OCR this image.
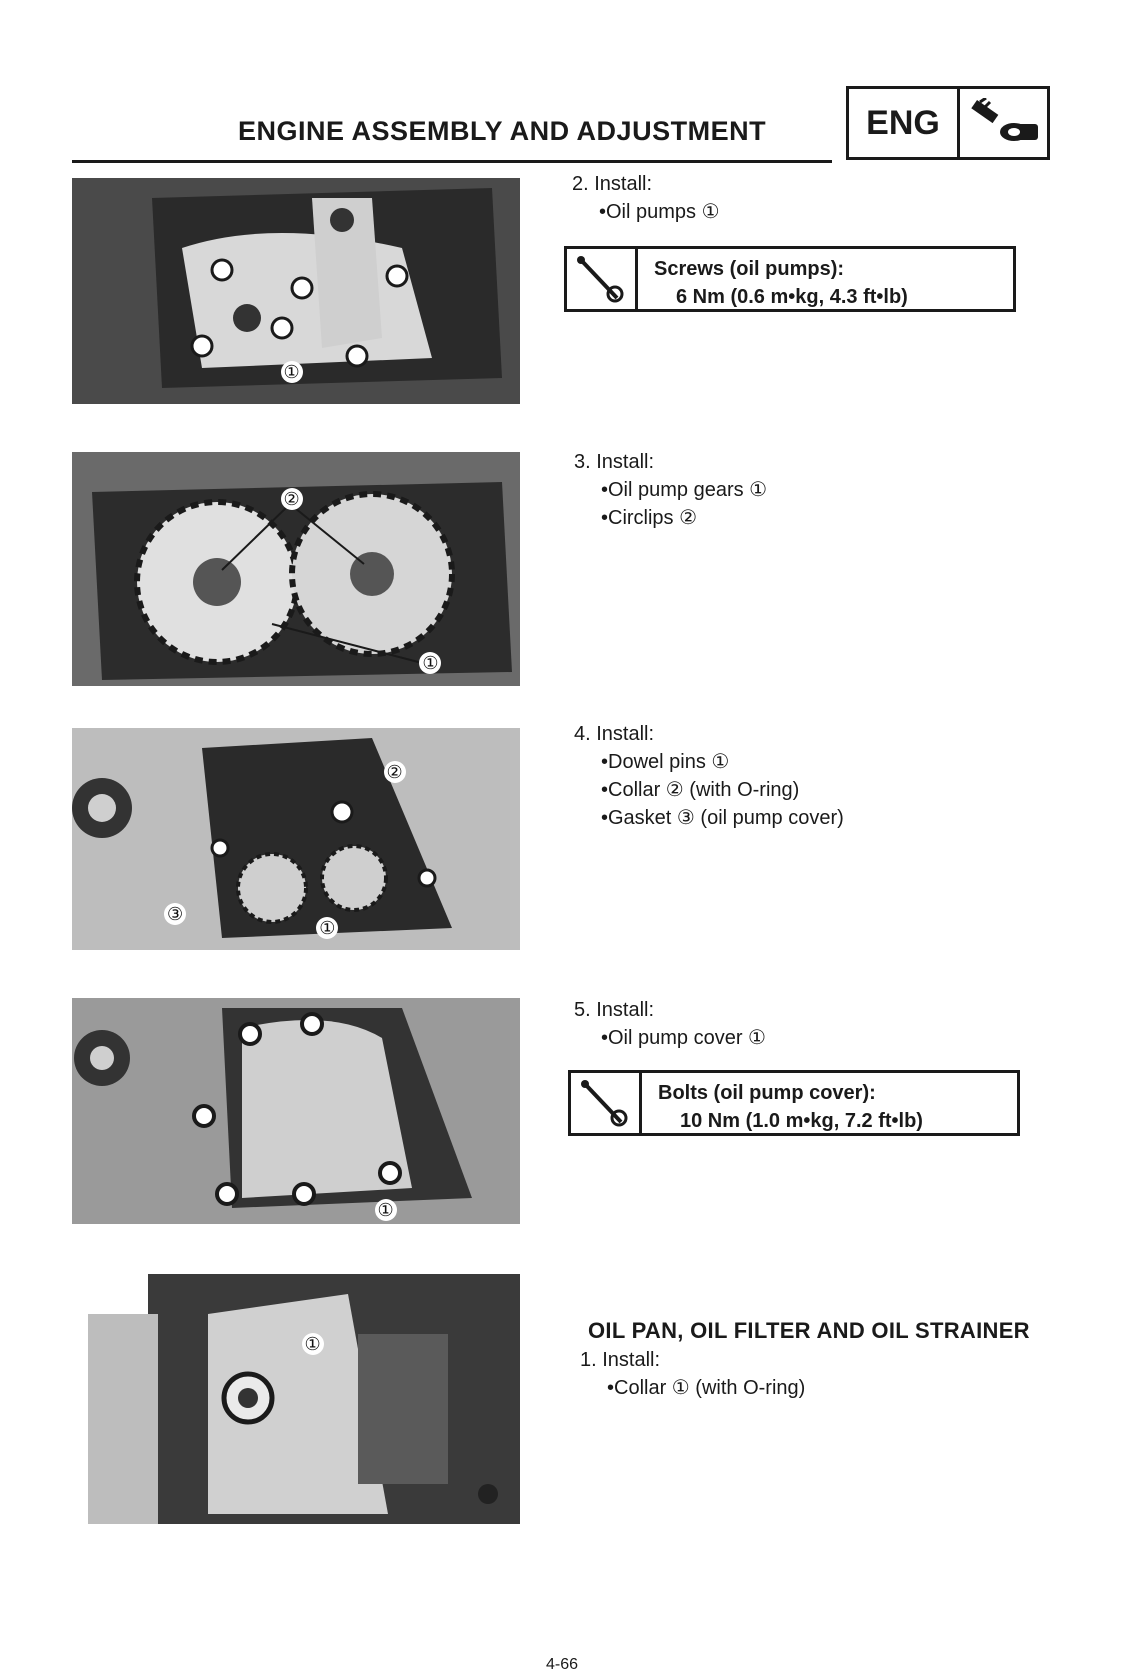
ENGINE ASSEMBLY AND ADJUSTMENT	ENG
①
2. Install:
•Oil pumps ①
Screws (oil pumps):
6 Nm (0.6 m•kg, 4.3 ft•lb)
①
②
3. Install:
•Oil pump gears ①
•Circlips ②
①
②
③
4. Install:
•Dowel pins ①
•Collar ② (with O-ring)
•Gasket ③ (oil pump cover)
①
5. Install:
•Oil pump cover ①
Bolts (oil pump cover):
10 Nm (1.0 m•kg, 7.2 ft•lb)
①
OIL PAN, OIL FILTER AND OIL STRAINER
1. Install:
•Collar ① (with O-ring)
4-66
